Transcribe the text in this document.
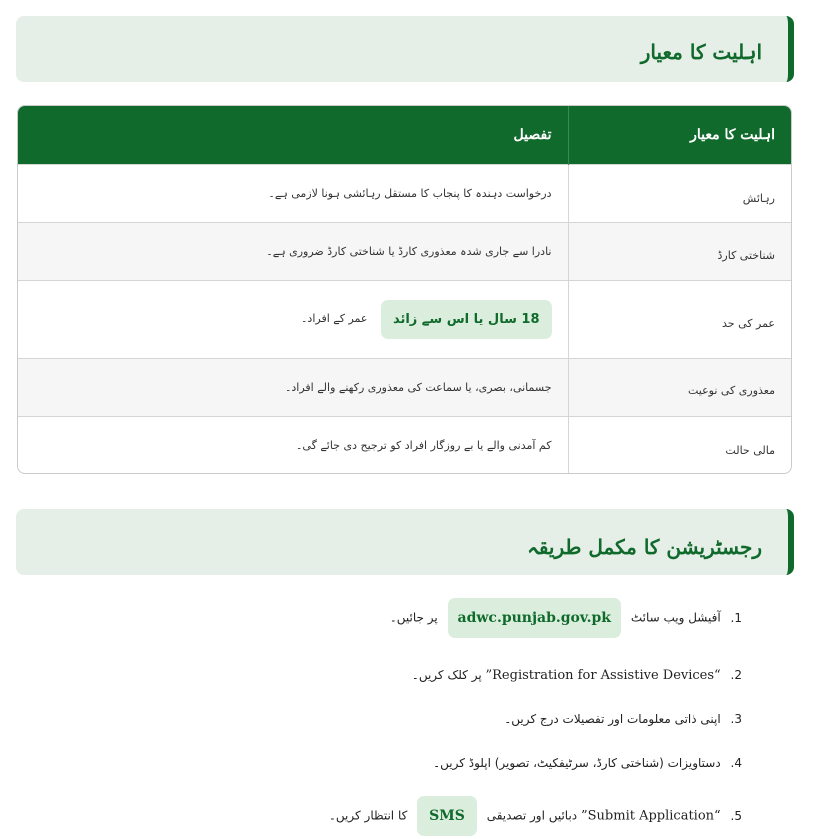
اہلیت کا معیار
اہلیت کا معیار	تفصیل
رہائش	درخواست دہندہ کا پنجاب کا مستقل رہائشی ہونا لازمی ہے۔
شناختی کارڈ	نادرا سے جاری شدہ معذوری کارڈ یا شناختی کارڈ ضروری ہے۔
عمر کی حد	18 سال یا اس سے زائد عمر کے افراد۔
معذوری کی نوعیت	جسمانی، بصری، یا سماعت کی معذوری رکھنے والے افراد۔
مالی حالت	کم آمدنی والے یا بے روزگار افراد کو ترجیح دی جائے گی۔
رجسٹریشن کا مکمل طریقہ
1. آفیشل ویب سائٹ adwc.punjab.gov.pk پر جائیں۔
2. “Registration for Assistive Devices” پر کلک کریں۔
3. اپنی ذاتی معلومات اور تفصیلات درج کریں۔
4. دستاویزات (شناختی کارڈ، سرٹیفکیٹ، تصویر) اپلوڈ کریں۔
5. “Submit Application” دبائیں اور تصدیقی SMS کا انتظار کریں۔
